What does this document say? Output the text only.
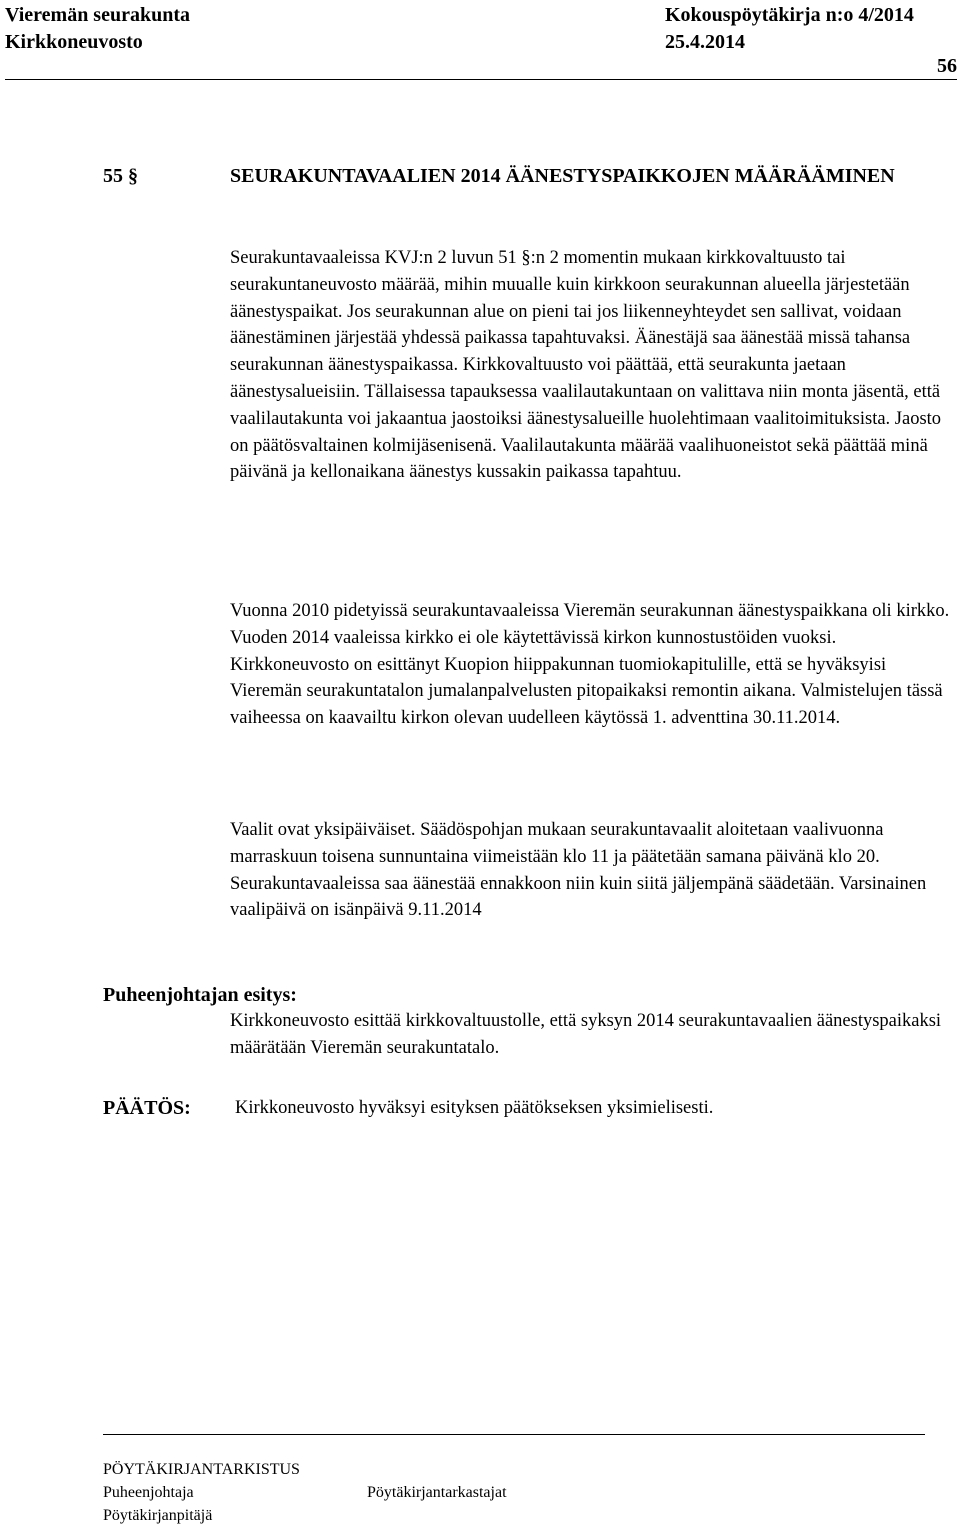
Vieremän seurakunta	Kokouspöytäkirja n:o 4/2014
Kirkkoneuvosto	25.4.2014
56
55 §	SEURAKUNTAVAALIEN 2014 ÄÄNESTYSPAIKKOJEN MÄÄRÄÄMINEN
Seurakuntavaaleissa KVJ:n 2 luvun 51 §:n 2 momentin mukaan kirkkovaltuusto tai seurakuntaneuvosto määrää, mihin muualle kuin kirkkoon seurakunnan alueella järjestetään äänestyspaikat. Jos seurakunnan alue on pieni tai jos liikenneyhteydet sen sallivat, voidaan äänestäminen järjestää yhdessä paikassa tapahtuvaksi. Äänestäjä saa äänestää missä tahansa seurakunnan äänestyspaikassa. Kirkkovaltuusto voi päättää, että seurakunta jaetaan äänestysalueisiin. Tällaisessa tapauksessa vaalilautakuntaan on valittava niin monta jäsentä, että vaalilautakunta voi jakaantua jaostoiksi äänestysalueille huolehtimaan vaalitoimituksista. Jaosto on päätösvaltainen kolmijäsenisenä. Vaalilautakunta määrää vaalihuoneistot sekä päättää minä päivänä ja kellonaikana äänestys kussakin paikassa tapahtuu.
Vuonna 2010 pidetyissä seurakuntavaaleissa Vieremän seurakunnan äänestyspaikkana oli kirkko. Vuoden 2014 vaaleissa kirkko ei ole käytettävissä kirkon kunnostustöiden vuoksi. Kirkkoneuvosto on esittänyt Kuopion hiippakunnan tuomiokapitulille, että se hyväksyisi Vieremän seurakuntatalon jumalanpalvelusten pitopaikaksi remontin aikana. Valmistelujen tässä vaiheessa on kaavailtu kirkon olevan uudelleen käytössä 1. adventtina 30.11.2014.
Vaalit ovat yksipäiväiset. Säädöspohjan mukaan seurakuntavaalit aloitetaan vaalivuonna marraskuun toisena sunnuntaina viimeistään klo 11 ja päätetään samana päivänä klo 20. Seurakuntavaaleissa saa äänestää ennakkoon niin kuin siitä jäljempänä säädetään. Varsinainen vaalipäivä on isänpäivä 9.11.2014
Puheenjohtajan esitys:
Kirkkoneuvosto esittää kirkkovaltuustolle, että syksyn 2014 seurakuntavaalien äänestyspaikaksi määrätään Vieremän seurakuntatalo.
PÄÄTÖS: Kirkkoneuvosto hyväksyi esityksen päätökseksen yksimielisesti.
PÖYTÄKIRJANTARKISTUS
Puheenjohtaja	Pöytäkirjantarkastajat
Pöytäkirjanpitäjä
